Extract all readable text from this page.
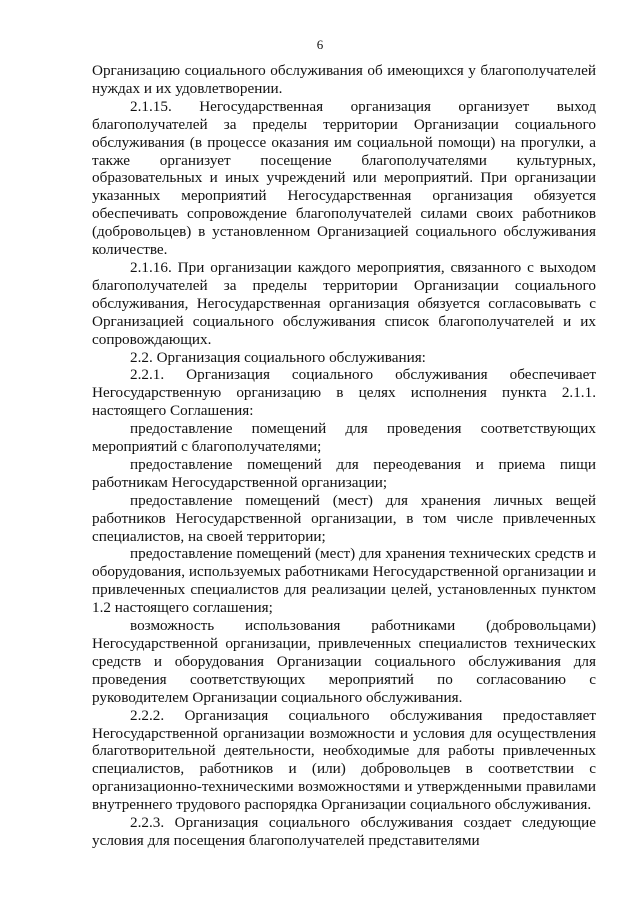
6

Организацию социального обслуживания об имеющихся у благополучателей нуждах и их удовлетворении.

2.1.15. Негосударственная организация организует выход благополучателей за пределы территории Организации социального обслуживания (в процессе оказания им социальной помощи) на прогулки, а также организует посещение благополучателями культурных, образовательных и иных учреждений или мероприятий. При организации указанных мероприятий Негосударственная организация обязуется обеспечивать сопровождение благополучателей силами своих работников (добровольцев) в установленном Организацией социального обслуживания количестве.

2.1.16. При организации каждого мероприятия, связанного с выходом благополучателей за пределы территории Организации социального обслуживания, Негосударственная организация обязуется согласовывать с Организацией социального обслуживания список благополучателей и их сопровождающих.

2.2. Организация социального обслуживания:

2.2.1. Организация социального обслуживания обеспечивает Негосударственную организацию в целях исполнения пункта 2.1.1. настоящего Соглашения:

предоставление помещений для проведения соответствующих мероприятий с благополучателями;

предоставление помещений для переодевания и приема пищи работникам Негосударственной организации;

предоставление помещений (мест) для хранения личных вещей работников Негосударственной организации, в том числе привлеченных специалистов, на своей территории;

предоставление помещений (мест) для хранения технических средств и оборудования, используемых работниками Негосударственной организации и привлеченных специалистов для реализации целей, установленных пунктом 1.2 настоящего соглашения;

возможность использования работниками (добровольцами) Негосударственной организации, привлеченных специалистов технических средств и оборудования Организации социального обслуживания для проведения соответствующих мероприятий по согласованию с руководителем Организации социального обслуживания.

2.2.2. Организация социального обслуживания предоставляет Негосударственной организации возможности и условия для осуществления благотворительной деятельности, необходимые для работы привлеченных специалистов, работников и (или) добровольцев в соответствии с организационно-техническими возможностями и утвержденными правилами внутреннего трудового распорядка Организации социального обслуживания.

2.2.3. Организация социального обслуживания создает следующие условия для посещения благополучателей представителями
